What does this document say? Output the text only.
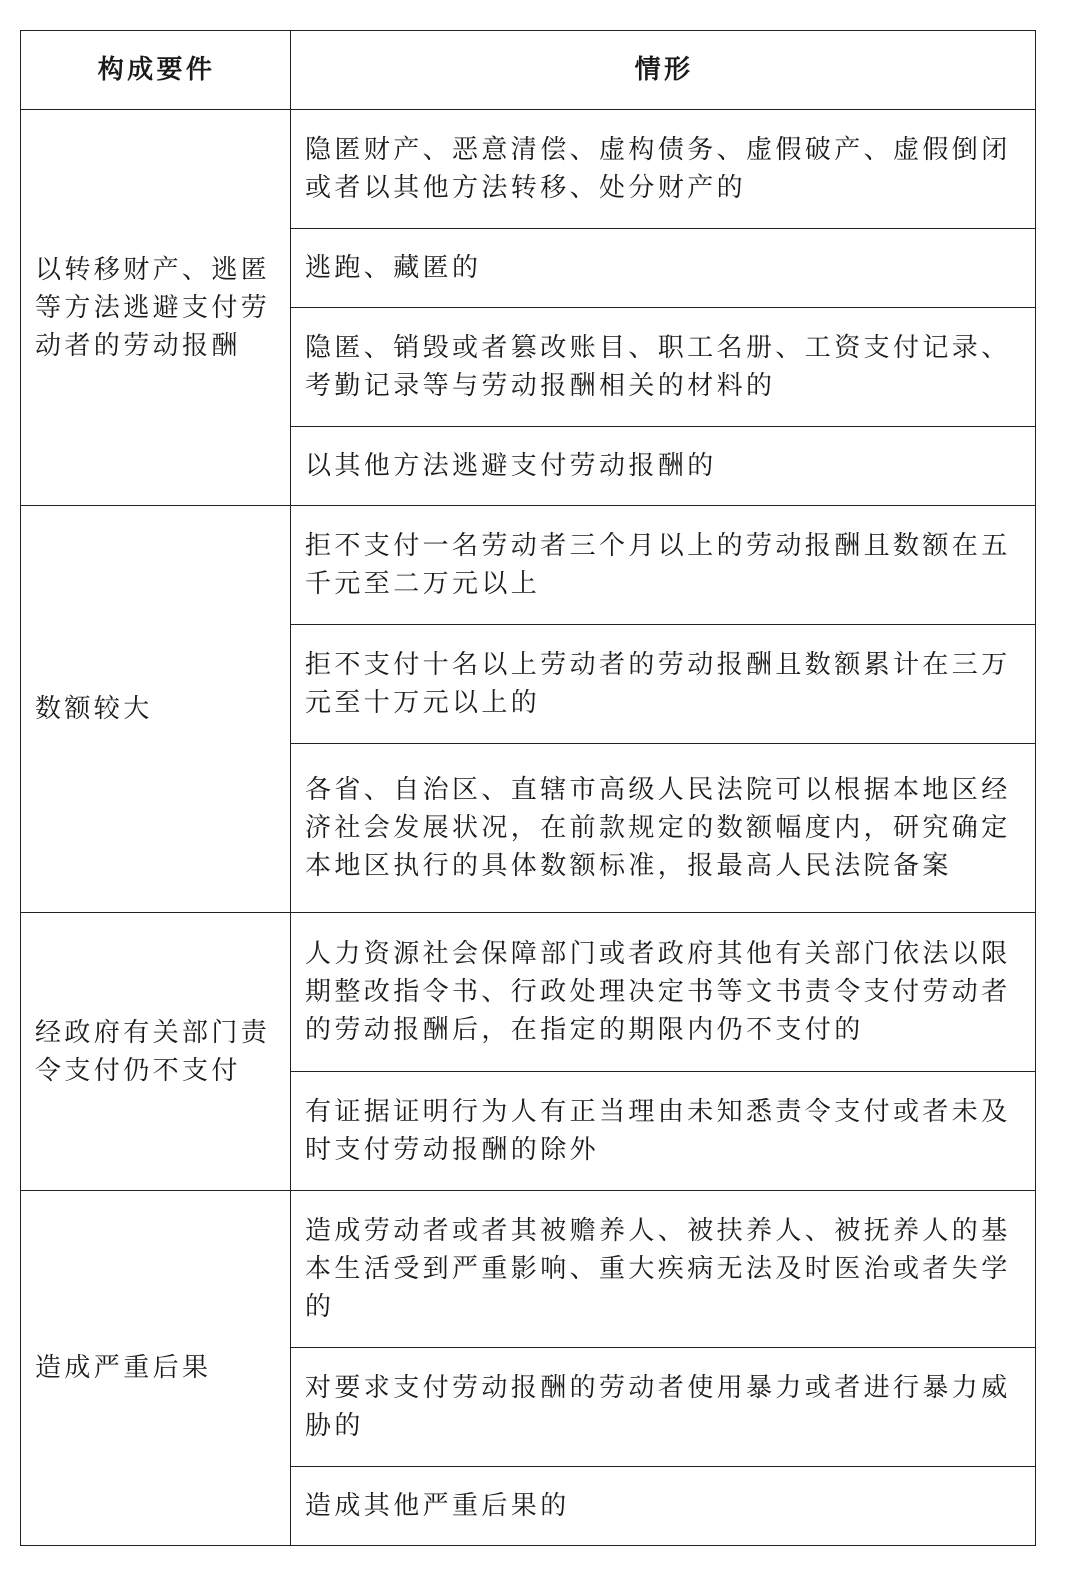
构成要件	情形
以转移财产、逃匿等方法逃避支付劳动者的劳动报酬	隐匿财产、恶意清偿、虚构债务、虚假破产、虚假倒闭或者以其他方法转移、处分财产的
	逃跑、藏匿的
	隐匿、销毁或者篡改账目、职工名册、工资支付记录、考勤记录等与劳动报酬相关的材料的
	以其他方法逃避支付劳动报酬的
数额较大	拒不支付一名劳动者三个月以上的劳动报酬且数额在五千元至二万元以上
	拒不支付十名以上劳动者的劳动报酬且数额累计在三万元至十万元以上的
	各省、自治区、直辖市高级人民法院可以根据本地区经济社会发展状况，在前款规定的数额幅度内，研究确定本地区执行的具体数额标准，报最高人民法院备案
经政府有关部门责令支付仍不支付	人力资源社会保障部门或者政府其他有关部门依法以限期整改指令书、行政处理决定书等文书责令支付劳动者的劳动报酬后，在指定的期限内仍不支付的
	有证据证明行为人有正当理由未知悉责令支付或者未及时支付劳动报酬的除外
造成严重后果	造成劳动者或者其被赡养人、被扶养人、被抚养人的基本生活受到严重影响、重大疾病无法及时医治或者失学的
	对要求支付劳动报酬的劳动者使用暴力或者进行暴力威胁的
	造成其他严重后果的
